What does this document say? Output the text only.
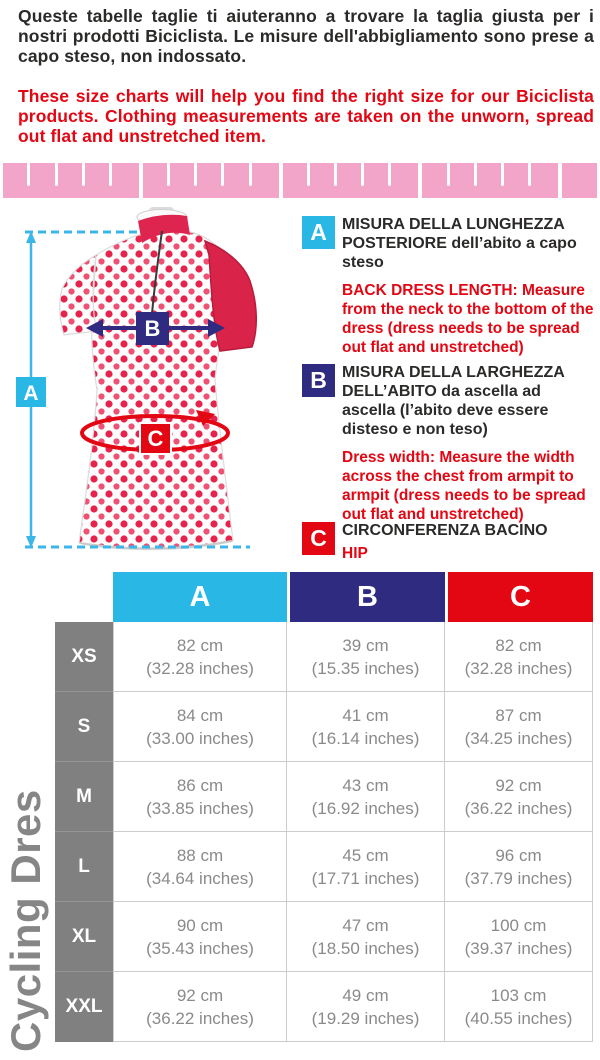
Queste tabelle taglie ti aiuteranno a trovare la taglia giusta per i nostri prodotti Biciclista. Le misure dell'abbigliamento sono prese a capo steso, non indossato.

These size charts will help you find the right size for our Biciclista products. Clothing measurements are taken on the unworn, spread out flat and unstretched item.

A
B
C
A MISURA DELLA LUNGHEZZA POSTERIORE dell’abito a capo steso
BACK DRESS LENGTH: Measure from the neck to the bottom of the dress (dress needs to be spread out flat and unstretched)
B MISURA DELLA LARGHEZZA DELL’ABITO da ascella ad ascella (l’abito deve essere disteso e non teso)
Dress width: Measure the width across the chest from armpit to armpit (dress needs to be spread out flat and unstretched)
C CIRCONFERENZA BACINO
HIP
A	B	C
XS
82 cm
(32.28 inches)
39 cm
(15.35 inches)
82 cm
(32.28 inches)
S
84 cm
(33.00 inches)
41 cm
(16.14 inches)
87 cm
(34.25 inches)
M
86 cm
(33.85 inches)
43 cm
(16.92 inches)
92 cm
(36.22 inches)
L
88 cm
(34.64 inches)
45 cm
(17.71 inches)
96 cm
(37.79 inches)
XL
90 cm
(35.43 inches)
47 cm
(18.50 inches)
100 cm
(39.37 inches)
XXL
92 cm
(36.22 inches)
49 cm
(19.29 inches)
103 cm
(40.55 inches)
Cycling Dres
